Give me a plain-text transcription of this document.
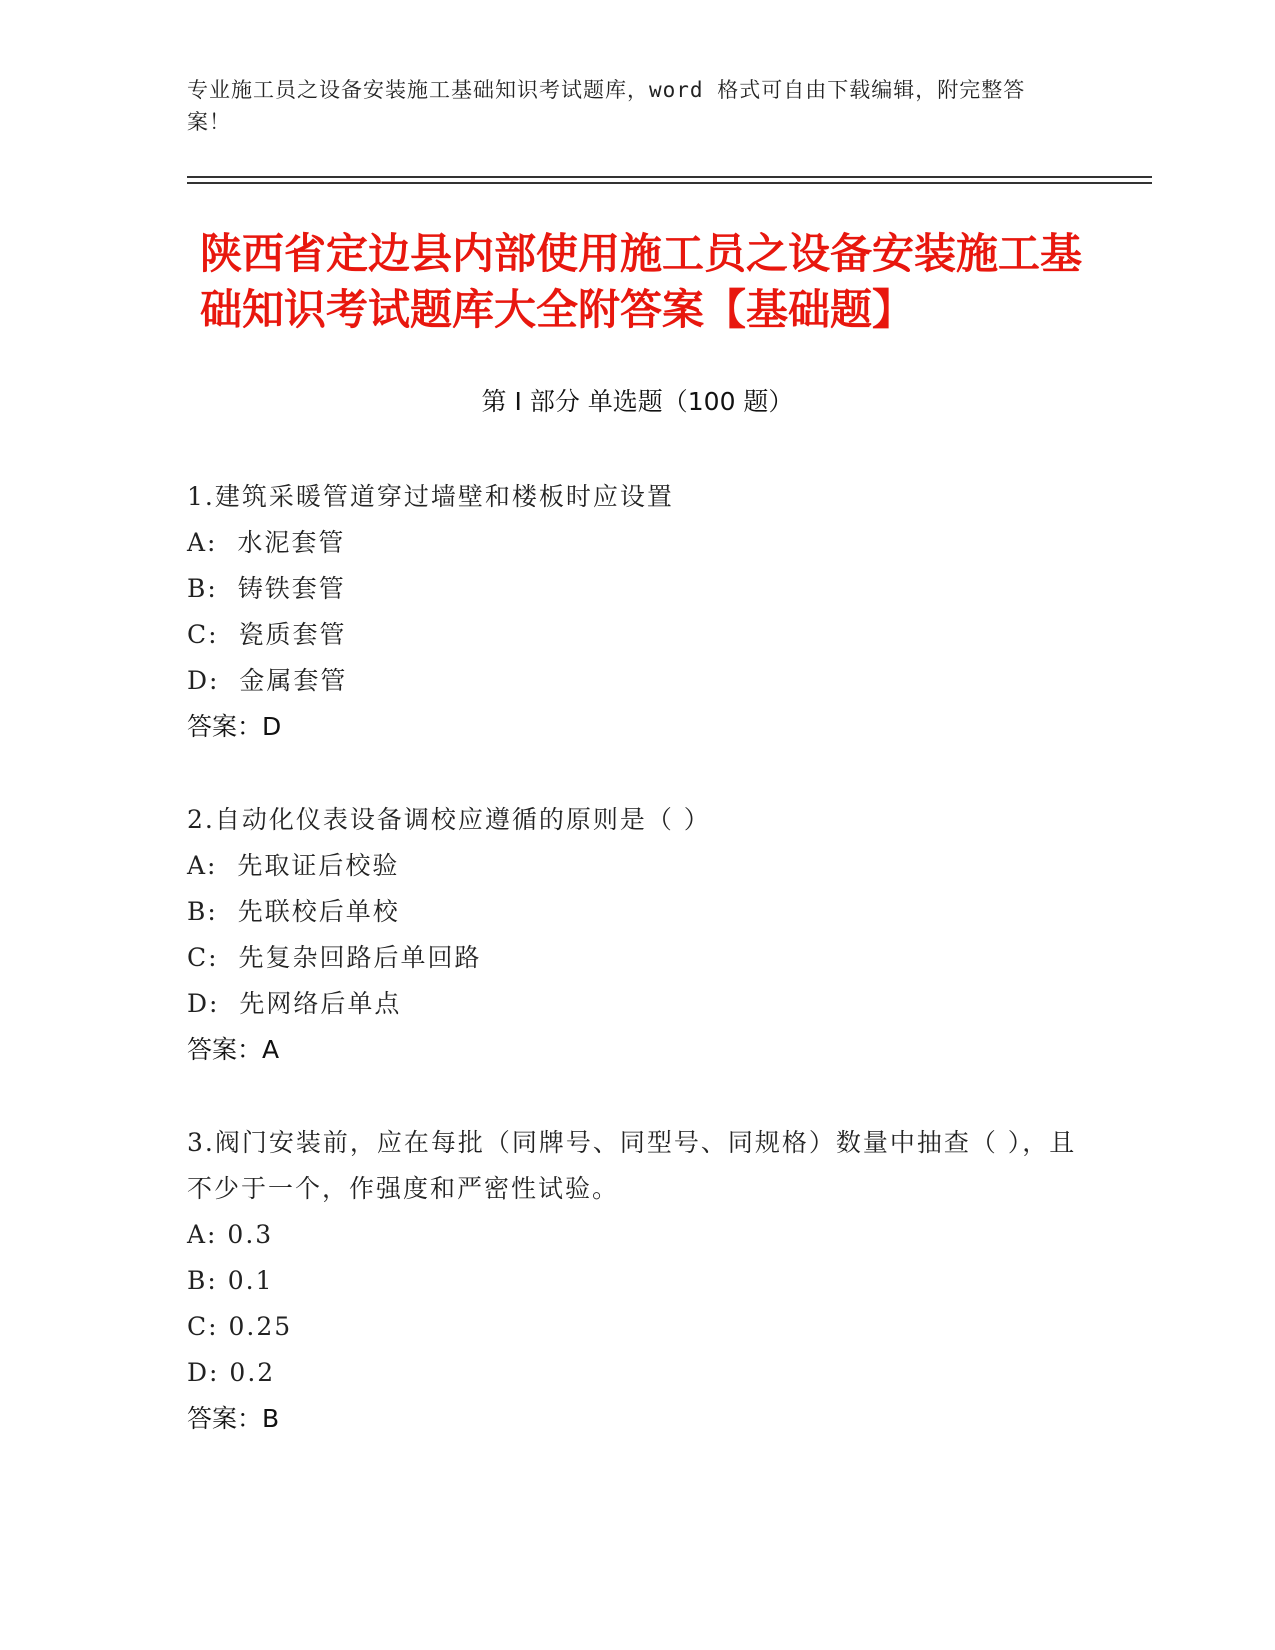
专业施工员之设备安装施工基础知识考试题库，word 格式可自由下载编辑，附完整答案！
陕西省定边县内部使用施工员之设备安装施工基础知识考试题库大全附答案【基础题】
第 I 部分 单选题（100 题）
1.建筑采暖管道穿过墙壁和楼板时应设置
A:  水泥套管
B:  铸铁套管
C:  瓷质套管
D:  金属套管
答案：D
2.自动化仪表设备调校应遵循的原则是（ ）
A:  先取证后校验
B:  先联校后单校
C:  先复杂回路后单回路
D:  先网络后单点
答案：A
3.阀门安装前，应在每批（同牌号、同型号、同规格）数量中抽查（ ），且不少于一个，作强度和严密性试验。
A: 0.3
B: 0.1
C: 0.25
D: 0.2
答案：B
